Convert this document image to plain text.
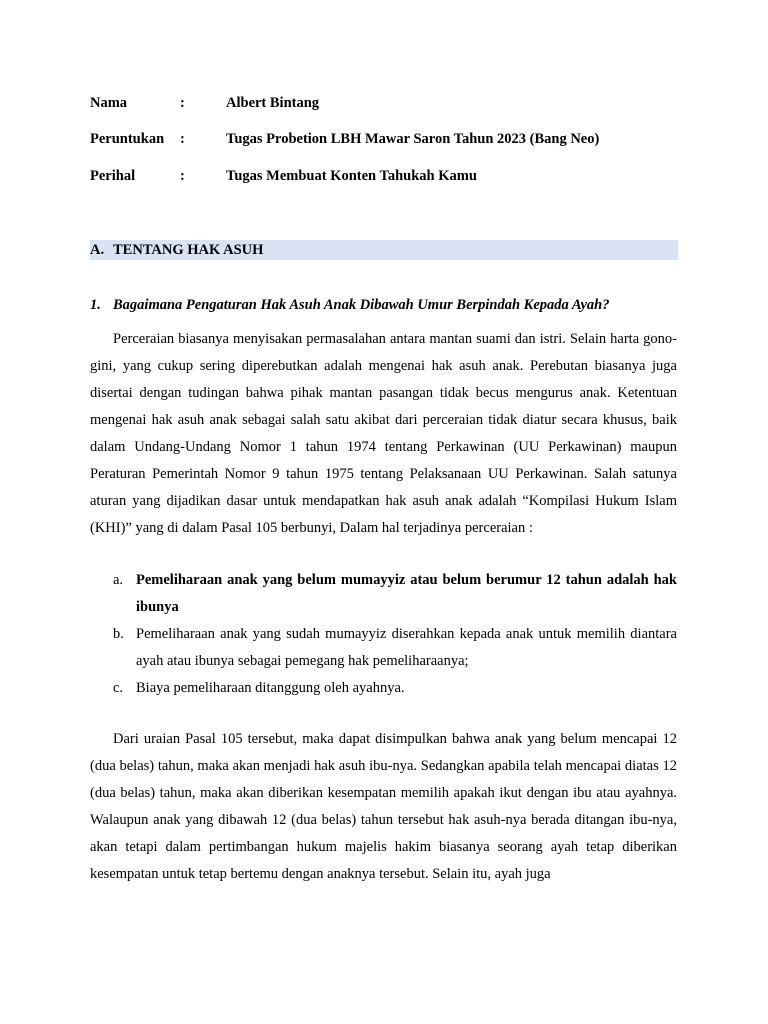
Nama	:	Albert Bintang
Peruntukan :	Tugas Probetion LBH Mawar Saron Tahun 2023 (Bang Neo)
Perihal	:	Tugas Membuat Konten Tahukah Kamu
A. TENTANG HAK ASUH
1. Bagaimana Pengaturan Hak Asuh Anak Dibawah Umur Berpindah Kepada Ayah?

Perceraian biasanya menyisakan permasalahan antara mantan suami dan istri. Selain harta gono-gini, yang cukup sering diperebutkan adalah mengenai hak asuh anak. Perebutan biasanya juga disertai dengan tudingan bahwa pihak mantan pasangan tidak becus mengurus anak. Ketentuan mengenai hak asuh anak sebagai salah satu akibat dari perceraian tidak diatur secara khusus, baik dalam Undang-Undang Nomor 1 tahun 1974 tentang Perkawinan (UU Perkawinan) maupun Peraturan Pemerintah Nomor 9 tahun 1975 tentang Pelaksanaan UU Perkawinan. Salah satunya aturan yang dijadikan dasar untuk mendapatkan hak asuh anak adalah “Kompilasi Hukum Islam (KHI)” yang di dalam Pasal 105 berbunyi, Dalam hal terjadinya perceraian :

a. Pemeliharaan anak yang belum mumayyiz atau belum berumur 12 tahun adalah hak ibunya
b. Pemeliharaan anak yang sudah mumayyiz diserahkan kepada anak untuk memilih diantara ayah atau ibunya sebagai pemegang hak pemeliharaanya;
c. Biaya pemeliharaan ditanggung oleh ayahnya.

Dari uraian Pasal 105 tersebut, maka dapat disimpulkan bahwa anak yang belum mencapai 12 (dua belas) tahun, maka akan menjadi hak asuh ibu-nya. Sedangkan apabila telah mencapai diatas 12 (dua belas) tahun, maka akan diberikan kesempatan memilih apakah ikut dengan ibu atau ayahnya. Walaupun anak yang dibawah 12 (dua belas) tahun tersebut hak asuh-nya berada ditangan ibu-nya, akan tetapi dalam pertimbangan hukum majelis hakim biasanya seorang ayah tetap diberikan kesempatan untuk tetap bertemu dengan anaknya tersebut. Selain itu, ayah juga
